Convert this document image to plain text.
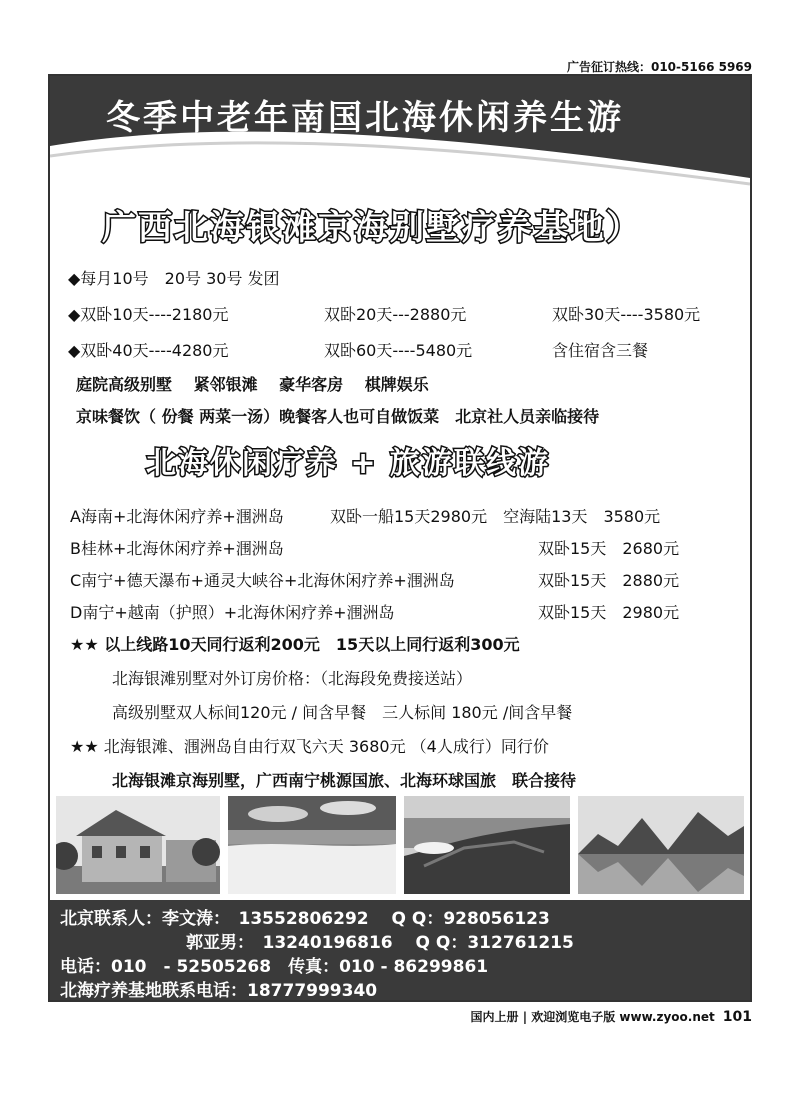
广告征订热线：010-5166 5969
冬季中老年南国北海休闲养生游
广西北海银滩京海别墅疗养基地）
◆每月10号　20号 30号 发团
◆双卧10天----2180元	双卧20天---2880元	双卧30天----3580元
◆双卧40天----4280元	双卧60天----5480元	含住宿含三餐
庭院高级别墅　 紧邻银滩　 豪华客房　 棋牌娱乐
京味餐饮（ 份餐 两菜一汤）晚餐客人也可自做饭菜　北京社人员亲临接待
北海休闲疗养 + 旅游联线游
A海南+北海休闲疗养+涠洲岛	双卧一船15天2980元　空海陆13天　3580元
B桂林+北海休闲疗养+涠洲岛	双卧15天　2680元
C南宁+德天瀑布+通灵大峡谷+北海休闲疗养+涠洲岛	双卧15天　2880元
D南宁+越南（护照）+北海休闲疗养+涠洲岛	双卧15天　2980元
★★ 以上线路10天同行返利200元　15天以上同行返利300元
北海银滩别墅对外订房价格：（北海段免费接送站）
高级别墅双人标间120元 / 间含早餐　三人标间 180元 /间含早餐
★★ 北海银滩、涠洲岛自由行双飞六天 3680元 （4人成行）同行价
北海银滩京海别墅，广西南宁桃源国旅、北海环球国旅　联合接待
北京联系人：李文涛：　13552806292　 Q Q：928056123
郭亚男：　13240196816　 Q Q：312761215
电话：010　- 52505268　传真：010 - 86299861
北海疗养基地联系电话：18777999340
国内上册 | 欢迎浏览电子版 www.zyoo.net 101
